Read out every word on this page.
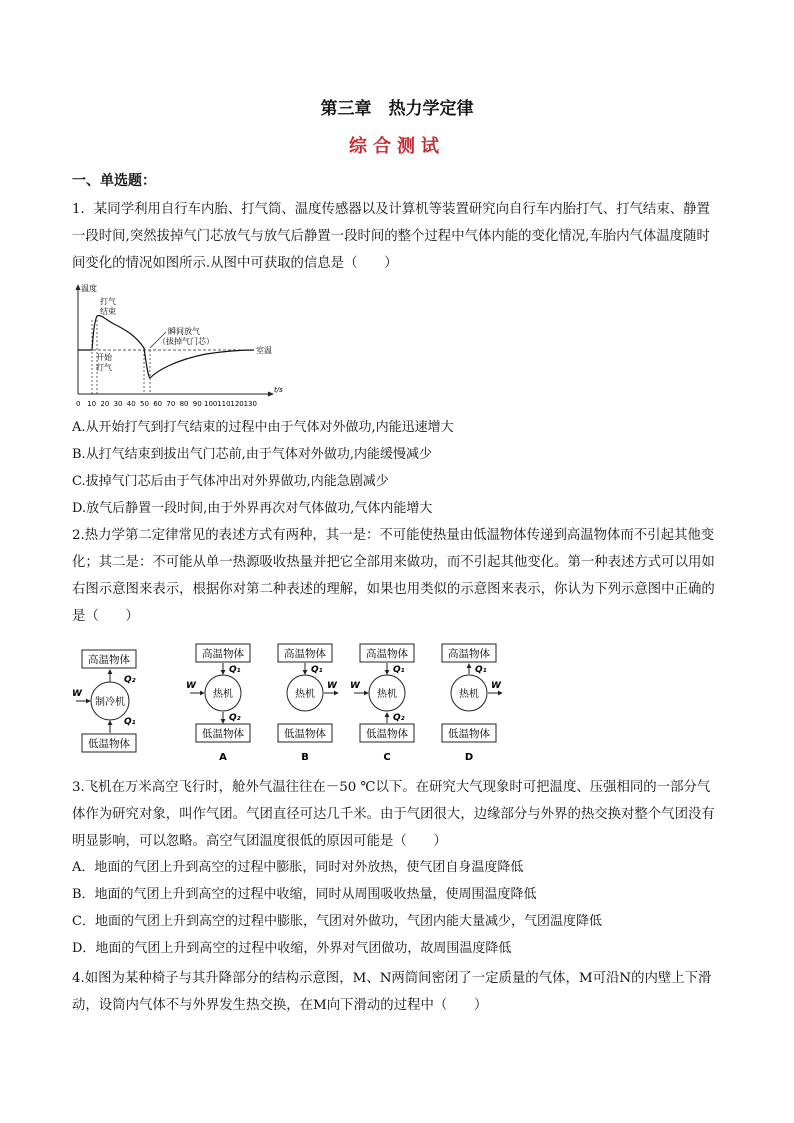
第三章　热力学定律
综合测试
一、单选题：
1．某同学利用自行车内胎、打气筒、温度传感器以及计算机等装置研究向自行车内胎打气、打气结束、静置一段时间,突然拔掉气门芯放气与放气后静置一段时间的整个过程中气体内能的变化情况,车胎内气体温度随时间变化的情况如图所示.从图中可获取的信息是（　　）
温度
t/s
打气
结束
开始
打气
瞬间放气
（拔掉气门芯）
室温
0 10 20 30 40 50 60 70 80 90 100 110 120 130
A.从开始打气到打气结束的过程中由于气体对外做功,内能迅速增大
B.从打气结束到拔出气门芯前,由于气体对外做功,内能缓慢减少
C.拔掉气门芯后由于气体冲出对外界做功,内能急剧减少
D.放气后静置一段时间,由于外界再次对气体做功,气体内能增大
2.热力学第二定律常见的表述方式有两种，其一是：不可能使热量由低温物体传递到高温物体而不引起其他变化；其二是：不可能从单一热源吸收热量并把它全部用来做功，而不引起其他变化。第一种表述方式可以用如右图示意图来表示，根据你对第二种表述的理解，如果也用类似的示意图来表示，你认为下列示意图中正确的是（　　）
高温物体
低温物体
制冷机
W
Q₂
Q₁
高温物体
低温物体
热机
Q₁
Q₂
W
A
高温物体
低温物体
热机
Q₁
W
B
高温物体
低温物体
热机
Q₁
Q₂
W
C
高温物体
低温物体
热机
Q₁
W
D
3.飞机在万米高空飞行时，舱外气温往往在－50 ℃以下。在研究大气现象时可把温度、压强相同的一部分气体作为研究对象，叫作气团。气团直径可达几千米。由于气团很大，边缘部分与外界的热交换对整个气团没有明显影响，可以忽略。高空气团温度很低的原因可能是（　　）
A．地面的气团上升到高空的过程中膨胀，同时对外放热，使气团自身温度降低
B．地面的气团上升到高空的过程中收缩，同时从周围吸收热量，使周围温度降低
C．地面的气团上升到高空的过程中膨胀，气团对外做功，气团内能大量减少，气团温度降低
D．地面的气团上升到高空的过程中收缩，外界对气团做功，故周围温度降低
4.如图为某种椅子与其升降部分的结构示意图，M、N两筒间密闭了一定质量的气体，M可沿N的内壁上下滑动，设筒内气体不与外界发生热交换，在M向下滑动的过程中（　　）
